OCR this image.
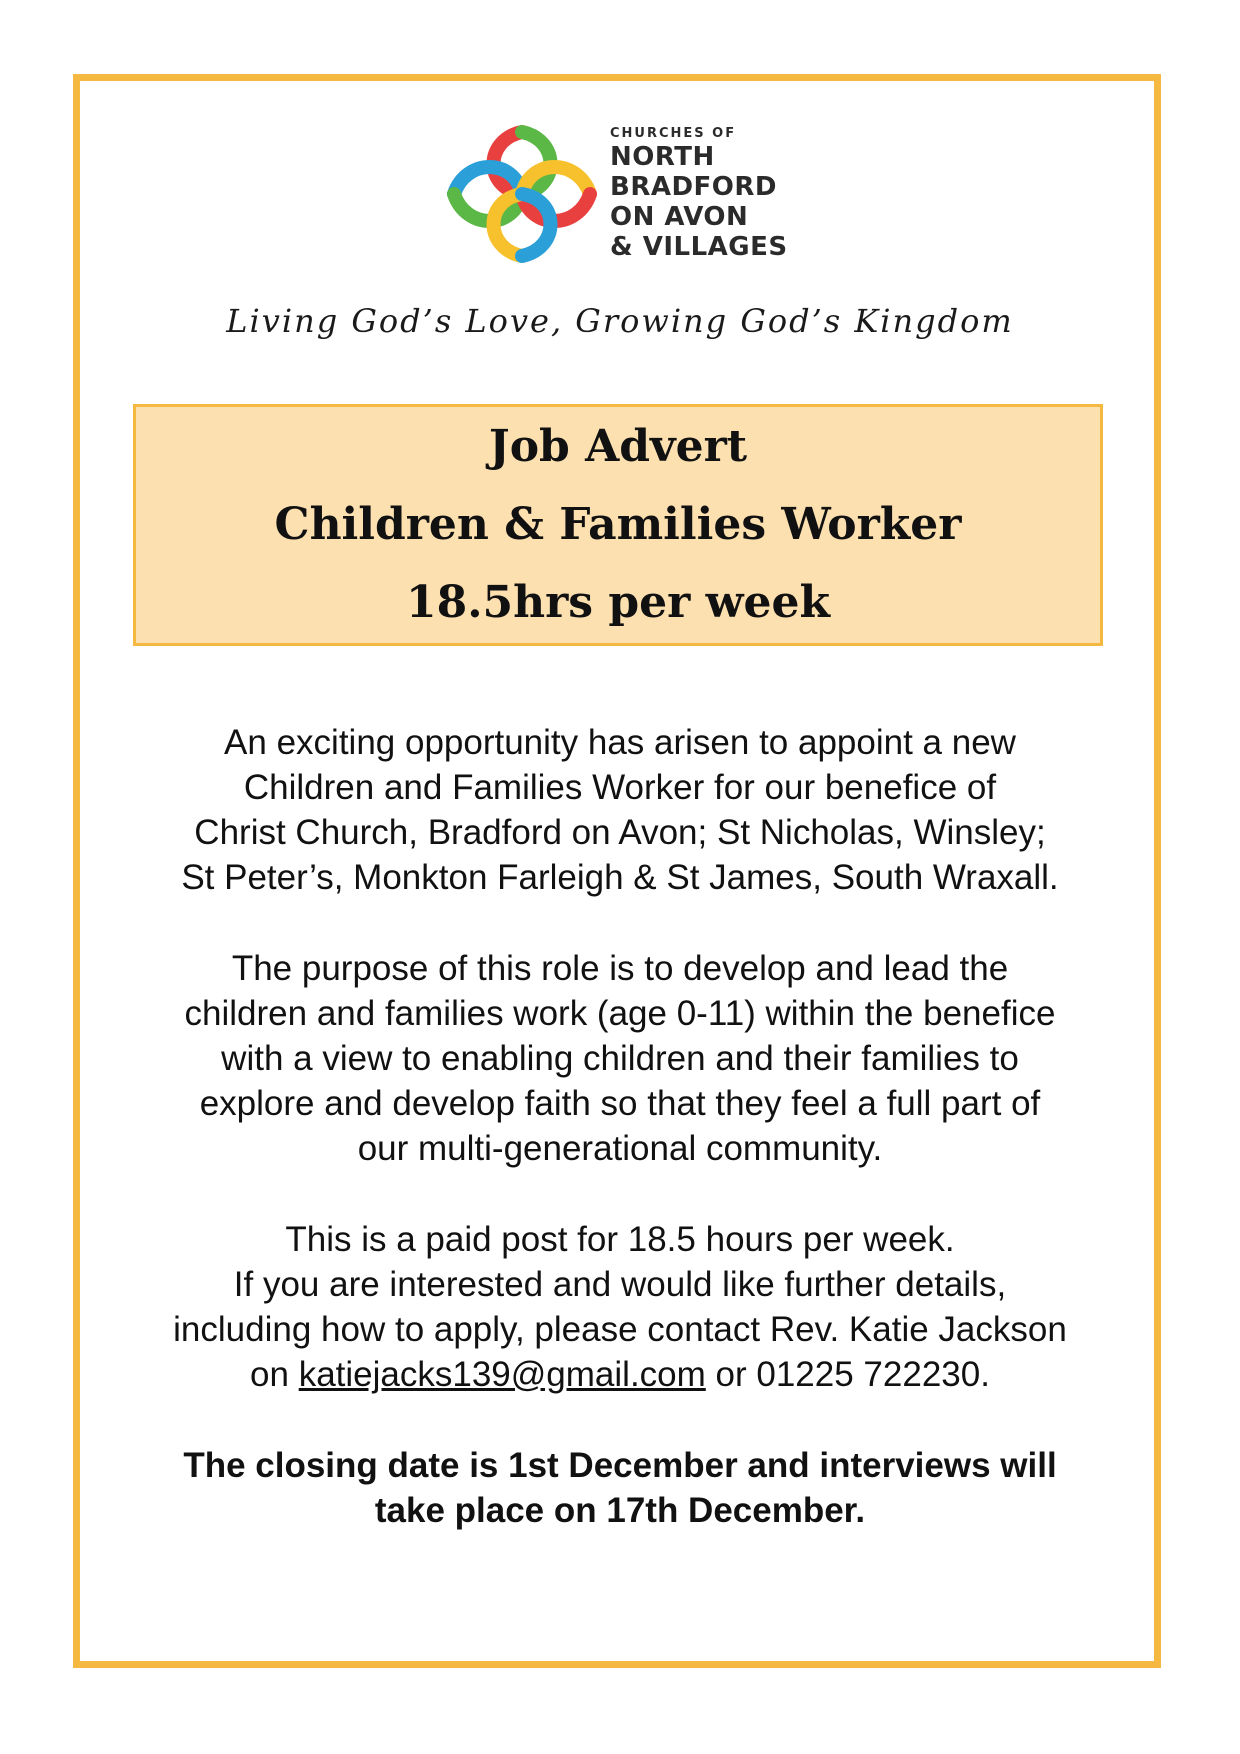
CHURCHES OF
NORTH
BRADFORD
ON AVON
& VILLAGES
Living God’s Love, Growing God’s Kingdom
Job Advert
Children & Families Worker
18.5hrs per week

An exciting opportunity has arisen to appoint a new

Children and Families Worker for our benefice of

Christ Church, Bradford on Avon; St Nicholas, Winsley;

St Peter’s, Monkton Farleigh & St James, South Wraxall.

The purpose of this role is to develop and lead the

children and families work (age 0-11) within the benefice

with a view to enabling children and their families to

explore and develop faith so that they feel a full part of

our multi-generational community.

This is a paid post for 18.5 hours per week.

If you are interested and would like further details,

including how to apply, please contact Rev. Katie Jackson

on katiejacks139@gmail.com or 01225 722230.

The closing date is 1st December and interviews will

take place on 17th December.
